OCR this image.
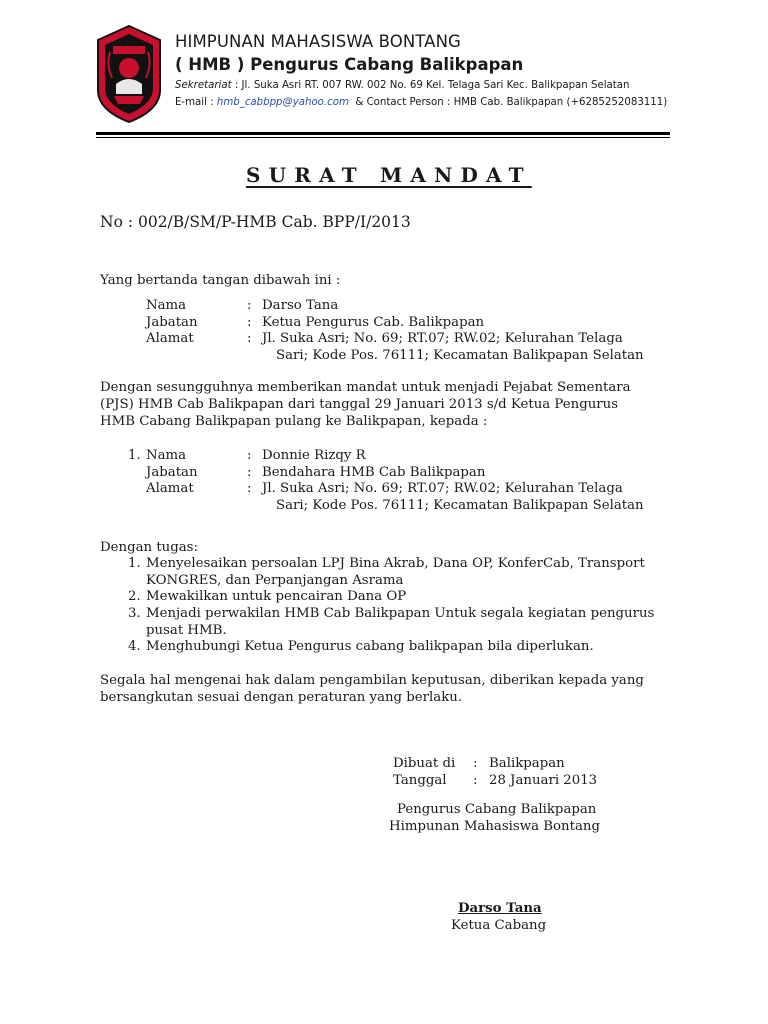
HIMPUNAN MAHASISWA BONTANG
( HMB ) Pengurus Cabang Balikpapan
Sekretariat : Jl. Suka Asri RT. 007 RW. 002 No. 69 Kel. Telaga Sari Kec. Balikpapan Selatan
E-mail : hmb_cabbpp@yahoo.com & Contact Person : HMB Cab. Balikpapan (+6285252083111)
SURAT MANDAT
No : 002/B/SM/P-HMB Cab. BPP/I/2013
Yang bertanda tangan dibawah ini :
Nama	: Darso Tana
Jabatan	: Ketua Pengurus Cab. Balikpapan
Alamat	: Jl. Suka Asri; No. 69; RT.07; RW.02; Kelurahan Telaga
Sari; Kode Pos. 76111; Kecamatan Balikpapan Selatan
Dengan sesungguhnya memberikan mandat untuk menjadi Pejabat Sementara
(PJS) HMB Cab Balikpapan dari tanggal 29 Januari 2013 s/d Ketua Pengurus
HMB Cabang Balikpapan pulang ke Balikpapan, kepada :
1. Nama	: Donnie Rizqy R
Jabatan	: Bendahara HMB Cab Balikpapan
Alamat	: Jl. Suka Asri; No. 69; RT.07; RW.02; Kelurahan Telaga
Sari; Kode Pos. 76111; Kecamatan Balikpapan Selatan
Dengan tugas:
1. Menyelesaikan persoalan LPJ Bina Akrab, Dana OP, KonferCab, Transport
KONGRES, dan Perpanjangan Asrama
2. Mewakilkan untuk pencairan Dana OP
3. Menjadi perwakilan HMB Cab Balikpapan Untuk segala kegiatan pengurus
pusat HMB.
4. Menghubungi Ketua Pengurus cabang balikpapan bila diperlukan.
Segala hal mengenai hak dalam pengambilan keputusan, diberikan kepada yang
bersangkutan sesuai dengan peraturan yang berlaku.
Dibuat di : Balikpapan
Tanggal : 28 Januari 2013
Pengurus Cabang Balikpapan
Himpunan Mahasiswa Bontang
Darso Tana
Ketua Cabang
